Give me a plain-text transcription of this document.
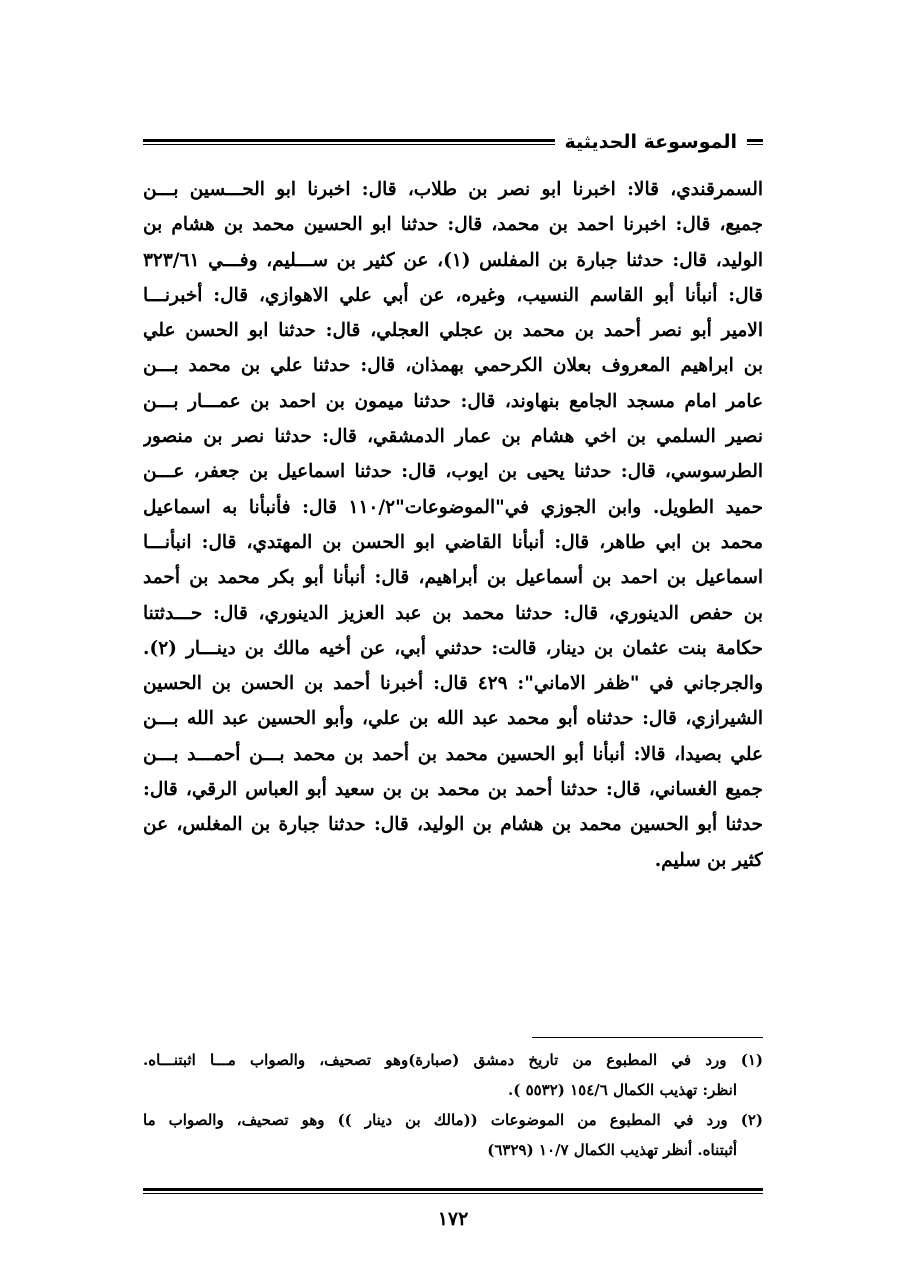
الموسوعة الحديثية
السمرقندي، قالا: اخبرنا ابو نصر بن طلاب، قال: اخبرنا ابو الحـــسين بـــن
جميع، قال: اخبرنا احمد بن محمد، قال: حدثنا ابو الحسين محمد بن هشام بن
الوليد، قال: حدثنا جبارة بن المفلس (١)، عن كثير بن ســـليم، وفـــي ٣٢٣/٦١
قال: أنبأنا أبو القاسم النسيب، وغيره، عن أبي علي الاهوازي، قال: أخبرنـــا
الامير أبو نصر أحمد بن محمد بن عجلي العجلي، قال: حدثنا ابو الحسن علي
بن ابراهيم المعروف بعلان الكرحمي بهمذان، قال: حدثنا علي بن محمد بـــن
عامر امام مسجد الجامع بنهاوند، قال: حدثنا ميمون بن احمد بن عمـــار بـــن
نصير السلمي بن اخي هشام بن عمار الدمشقي، قال: حدثنا نصر بن منصور
الطرسوسي، قال: حدثنا يحيى بن ايوب، قال: حدثنا اسماعيل بن جعفر، عـــن
حميد الطويل. وابن الجوزي في"الموضوعات"١١٠/٢ قال: فأنبأنا به اسماعيل
محمد بن ابي طاهر، قال: أنبأنا القاضي ابو الحسن بن المهتدي، قال: انبأنـــا
اسماعيل بن احمد بن أسماعيل بن أبراهيم، قال: أنبأنا أبو بكر محمد بن أحمد
بن حفص الدينوري، قال: حدثنا محمد بن عبد العزيز الدينوري، قال: حـــدثتنا
حكامة بنت عثمان بن دينار، قالت: حدثني أبي، عن أخيه مالك بن دينـــار (٢).
والجرجاني في "ظفر الاماني": ٤٢٩ قال: أخبرنا أحمد بن الحسن بن الحسين
الشيرازي، قال: حدثناه أبو محمد عبد الله بن علي، وأبو الحسين عبد الله بـــن
علي بصيدا، قالا: أنبأنا أبو الحسين محمد بن أحمد بن محمد بـــن أحمـــد بـــن
جميع الغساني، قال: حدثنا أحمد بن محمد بن بن سعيد أبو العباس الرقي، قال:
حدثنا أبو الحسين محمد بن هشام بن الوليد، قال: حدثنا جبارة بن المغلس، عن
كثير بن سليم.
(١) ورد في المطبوع من تاريخ دمشق (صبارة)وهو تصحيف، والصواب مـــا اثبتنـــاه.
انظر: تهذيب الكمال ١٥٤/٦ (٥٥٣٢ ).
(٢) ورد في المطبوع من الموضوعات ((مالك بن دينار )) وهو تصحيف، والصواب ما
أثبتناه. أنظر تهذيب الكمال ١٠/٧ (٦٣٢٩)
١٧٢
